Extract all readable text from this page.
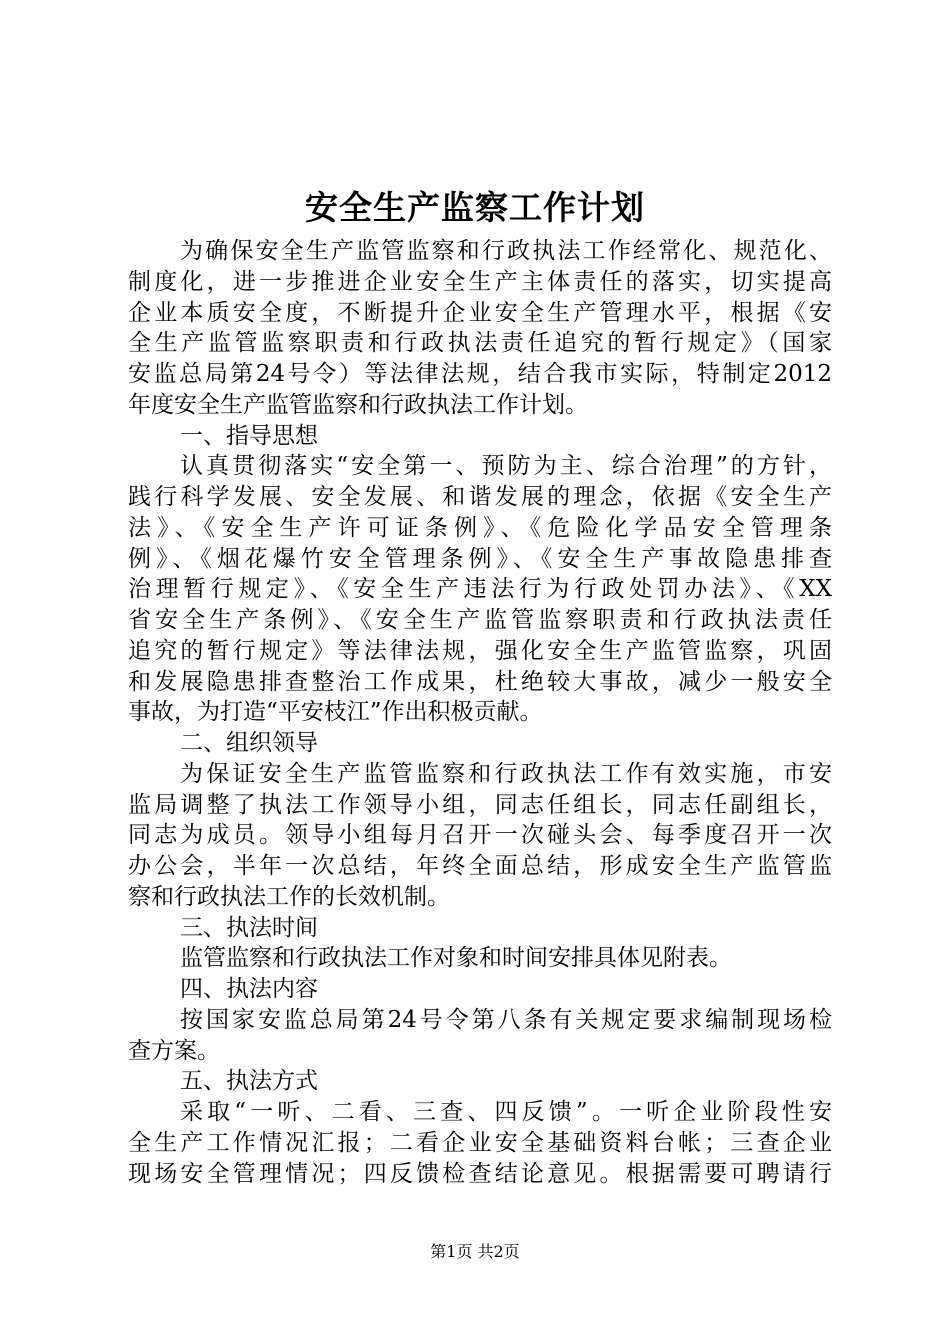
安全生产监察工作计划
为确保安全生产监管监察和行政执法工作经常化、规范化、
制度化，进一步推进企业安全生产主体责任的落实，切实提高
企业本质安全度，不断提升企业安全生产管理水平，根据《安
全生产监管监察职责和行政执法责任追究的暂行规定》（国家
安监总局第24号令）等法律法规，结合我市实际，特制定2012
年度安全生产监管监察和行政执法工作计划。
一、指导思想
认真贯彻落实“安全第一、预防为主、综合治理”的方针，
践行科学发展、安全发展、和谐发展的理念，依据《安全生产
法》、《安全生产许可证条例》、《危险化学品安全管理条
例》、《烟花爆竹安全管理条例》、《安全生产事故隐患排查
治理暂行规定》、《安全生产违法行为行政处罚办法》、《XX
省安全生产条例》、《安全生产监管监察职责和行政执法责任
追究的暂行规定》等法律法规，强化安全生产监管监察，巩固
和发展隐患排查整治工作成果，杜绝较大事故，减少一般安全
事故，为打造“平安枝江”作出积极贡献。
二、组织领导
为保证安全生产监管监察和行政执法工作有效实施，市安
监局调整了执法工作领导小组，同志任组长，同志任副组长，
同志为成员。领导小组每月召开一次碰头会、每季度召开一次
办公会，半年一次总结，年终全面总结，形成安全生产监管监
察和行政执法工作的长效机制。
三、执法时间
监管监察和行政执法工作对象和时间安排具体见附表。
四、执法内容
按国家安监总局第24号令第八条有关规定要求编制现场检
查方案。
五、执法方式
采取“一听、二看、三查、四反馈”。一听企业阶段性安
全生产工作情况汇报；二看企业安全基础资料台帐；三查企业
现场安全管理情况；四反馈检查结论意见。根据需要可聘请行
第1页 共2页
